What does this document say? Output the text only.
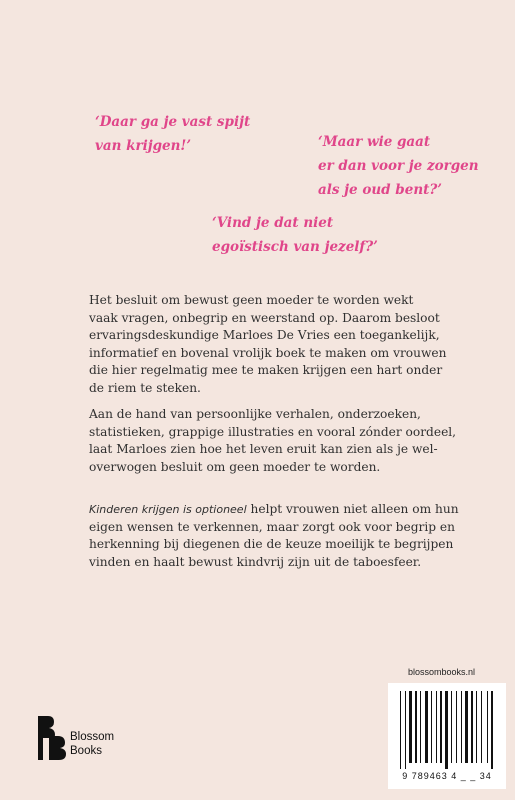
‘Daar ga je vast spijt
van krijgen!’	‘Maar wie gaat
er dan voor je zorgen
als je oud bent?’
‘Vind je dat niet
egoïstisch van jezelf?’

Het besluit om bewust geen moeder te worden wekt
vaak vragen, onbegrip en weerstand op. Daarom besloot
ervaringsdeskundige Marloes De Vries een toegankelijk,
informatief en bovenal vrolijk boek te maken om vrouwen
die hier regelmatig mee te maken krijgen een hart onder
de riem te steken.

Aan de hand van persoonlijke verhalen, onderzoeken,
statistieken, grappige illustraties en vooral zónder oordeel,
laat Marloes zien hoe het leven eruit kan zien als je wel-
overwogen besluit om geen moeder te worden.

Kinderen krijgen is optioneel helpt vrouwen niet alleen om hun
eigen wensen te verkennen, maar zorgt ook voor begrip en
herkenning bij diegenen die de keuze moeilijk te begrijpen
vinden en haalt bewust kindvrij zijn uit de taboesfeer.

Blossom
Books
blossombooks.nl
9 789463 4 _ _ 34
